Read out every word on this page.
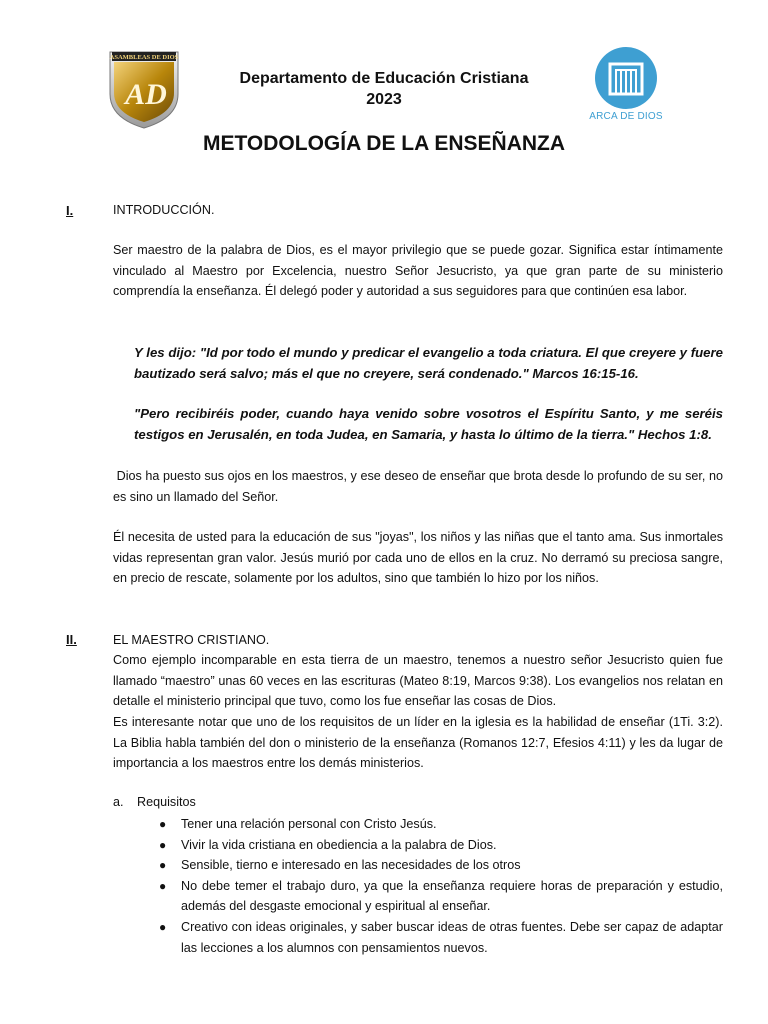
ASAMBLEAS DE DIOS
AD	Departamento de Educación Cristiana
2023
ARCA DE DIOS
METODOLOGÍA DE LA ENSEÑANZA
I.	INTRODUCCIÓN.
Ser maestro de la palabra de Dios, es el mayor privilegio que se puede gozar. Significa estar íntimamente vinculado al Maestro por Excelencia, nuestro Señor Jesucristo, ya que gran parte de su ministerio comprendía la enseñanza. Él delegó poder y autoridad a sus seguidores para que continúen esa labor.
Y les dijo: "Id por todo el mundo y predicar el evangelio a toda criatura. El que creyere y fuere bautizado será salvo; más el que no creyere, será condenado." Marcos 16:15-16.
"Pero recibiréis poder, cuando haya venido sobre vosotros el Espíritu Santo, y me seréis testigos en Jerusalén, en toda Judea, en Samaria, y hasta lo último de la tierra." Hechos 1:8.
Dios ha puesto sus ojos en los maestros, y ese deseo de enseñar que brota desde lo profundo de su ser, no es sino un llamado del Señor.
Él necesita de usted para la educación de sus "joyas", los niños y las niñas que el tanto ama. Sus inmortales vidas representan gran valor. Jesús murió por cada uno de ellos en la cruz. No derramó su preciosa sangre, en precio de rescate, solamente por los adultos, sino que también lo hizo por los niños.
II.	EL MAESTRO CRISTIANO.
Como ejemplo incomparable en esta tierra de un maestro, tenemos a nuestro señor Jesucristo quien fue llamado “maestro” unas 60 veces en las escrituras (Mateo 8:19, Marcos 9:38). Los evangelios nos relatan en detalle el ministerio principal que tuvo, como los fue enseñar las cosas de Dios.
Es interesante notar que uno de los requisitos de un líder en la iglesia es la habilidad de enseñar (1Ti. 3:2). La Biblia habla también del don o ministerio de la enseñanza (Romanos 12:7, Efesios 4:11) y les da lugar de importancia a los maestros entre los demás ministerios.
a. Requisitos
● Tener una relación personal con Cristo Jesús.
● Vivir la vida cristiana en obediencia a la palabra de Dios.
● Sensible, tierno e interesado en las necesidades de los otros
● No debe temer el trabajo duro, ya que la enseñanza requiere horas de preparación y estudio, además del desgaste emocional y espiritual al enseñar.
● Creativo con ideas originales, y saber buscar ideas de otras fuentes. Debe ser capaz de adaptar las lecciones a los alumnos con pensamientos nuevos.
